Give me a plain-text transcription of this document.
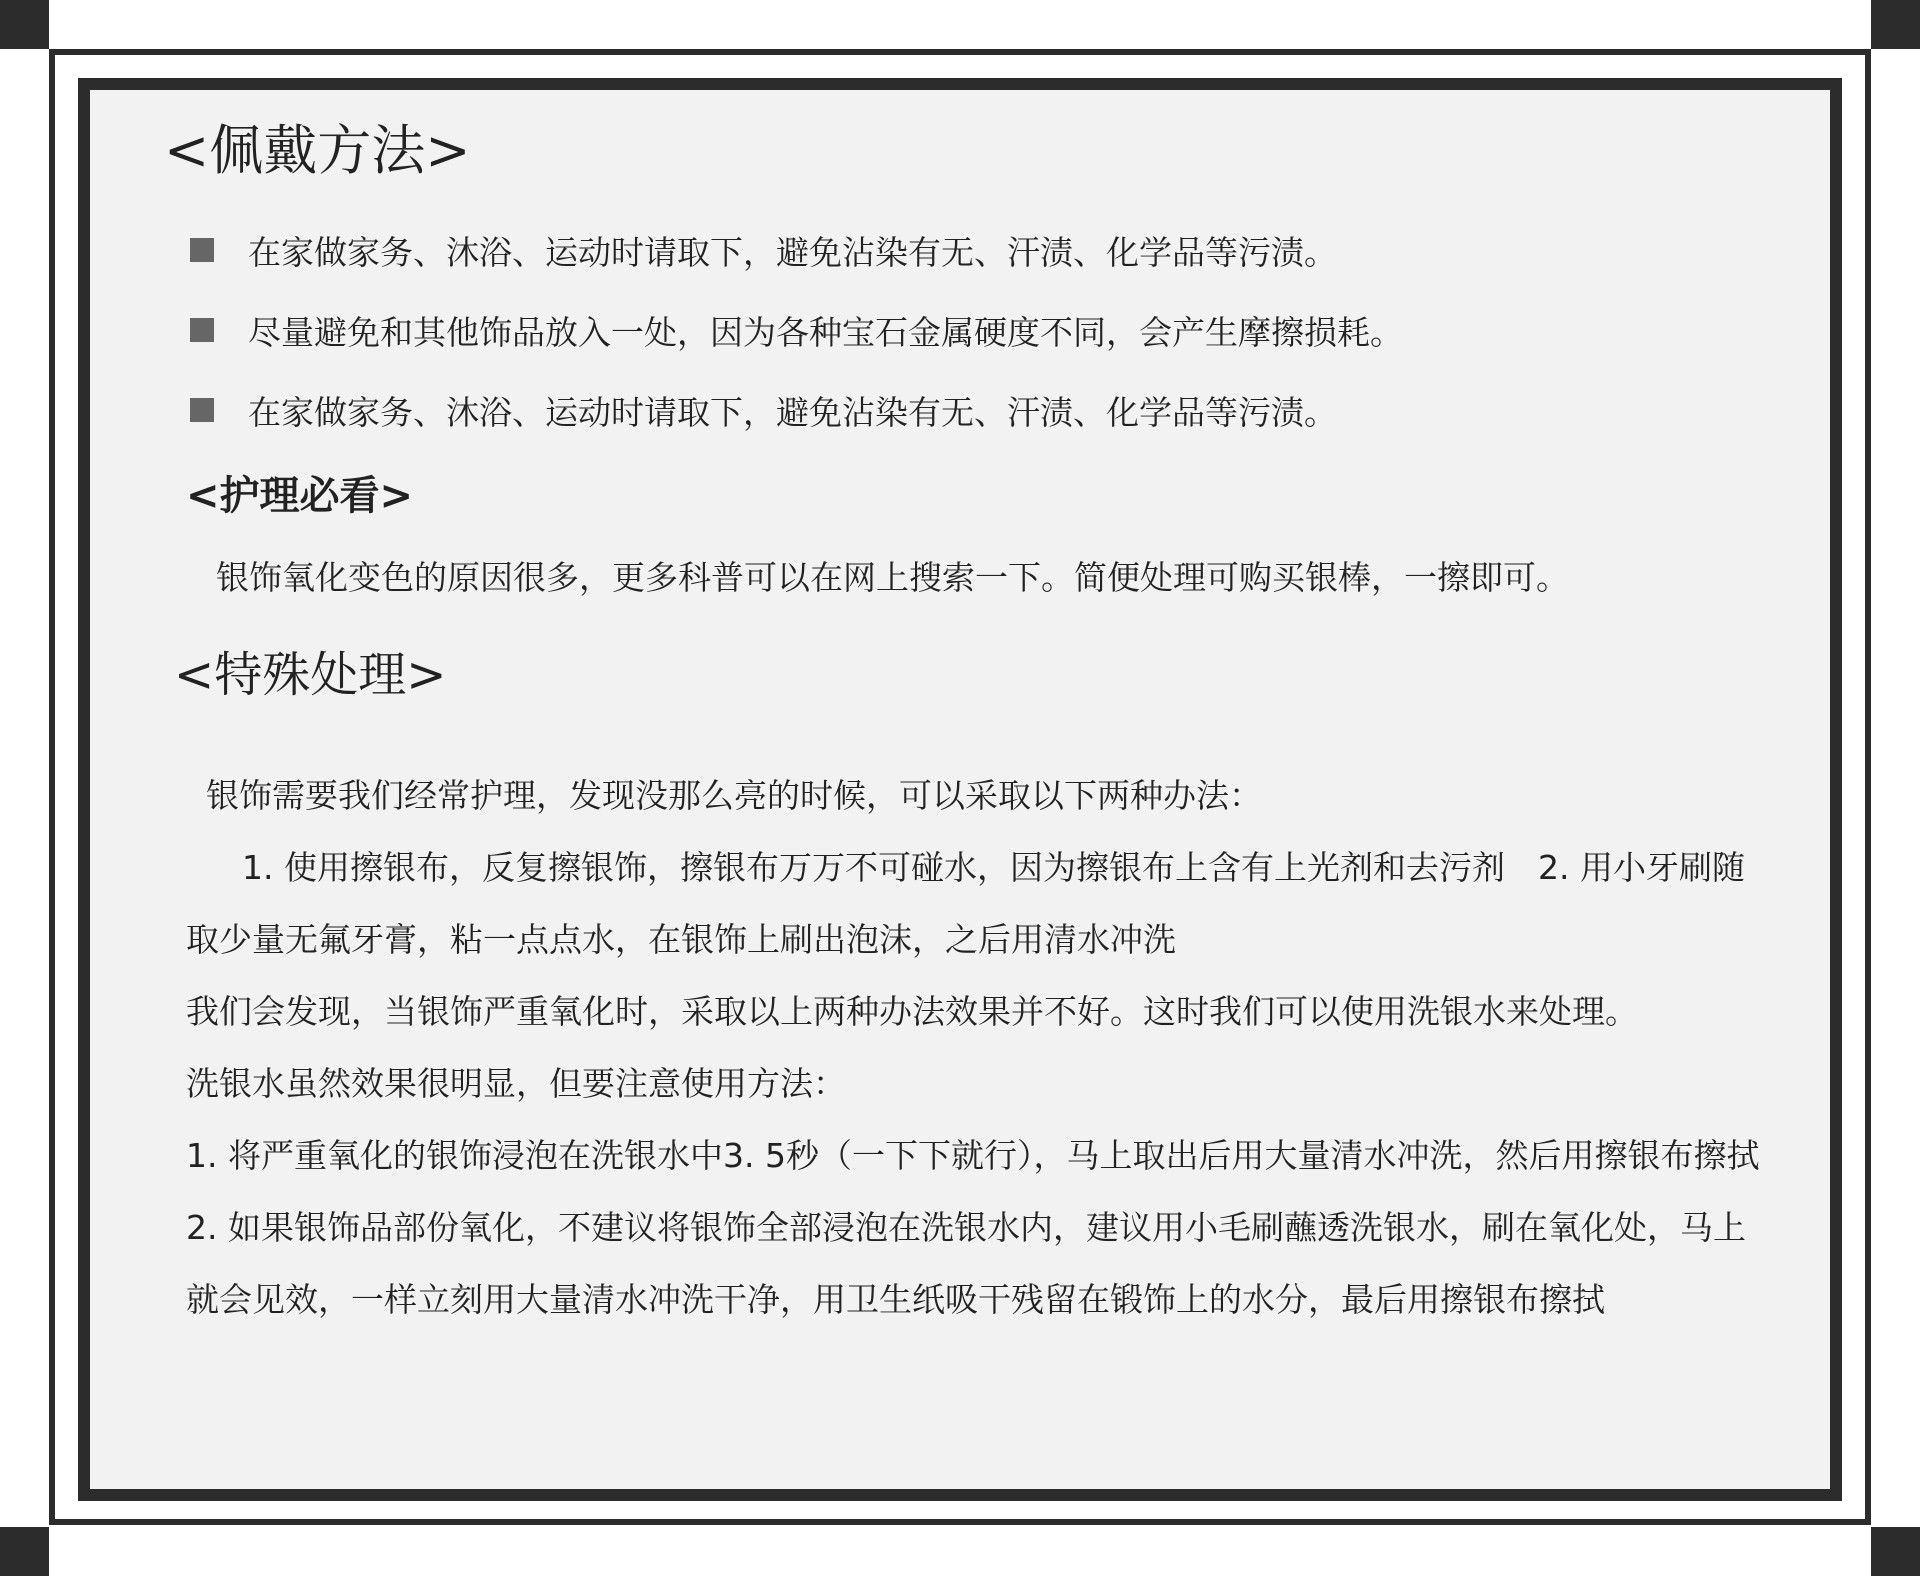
<佩戴方法>
在家做家务、沐浴、运动时请取下，避免沾染有无、汗渍、化学品等污渍。
尽量避免和其他饰品放入一处，因为各种宝石金属硬度不同，会产生摩擦损耗。
在家做家务、沐浴、运动时请取下，避免沾染有无、汗渍、化学品等污渍。
<护理必看>

银饰氧化变色的原因很多，更多科普可以在网上搜索一下。简便处理可购买银棒，一擦即可。

<特殊处理>

银饰需要我们经常护理，发现没那么亮的时候，可以采取以下两种办法：

1. 使用擦银布，反复擦银饰，擦银布万万不可碰水，因为擦银布上含有上光剂和去污剂　2. 用小牙刷随取少量无氟牙膏，粘一点点水，在银饰上刷出泡沫，之后用清水冲洗

我们会发现，当银饰严重氧化时，采取以上两种办法效果并不好。这时我们可以使用洗银水来处理。

洗银水虽然效果很明显，但要注意使用方法：

1. 将严重氧化的银饰浸泡在洗银水中3. 5秒（一下下就行），马上取出后用大量清水冲洗，然后用擦银布擦拭

2. 如果银饰品部份氧化，不建议将银饰全部浸泡在洗银水内，建议用小毛刷蘸透洗银水，刷在氧化处，马上就会见效，一样立刻用大量清水冲洗干净，用卫生纸吸干残留在锻饰上的水分，最后用擦银布擦拭
